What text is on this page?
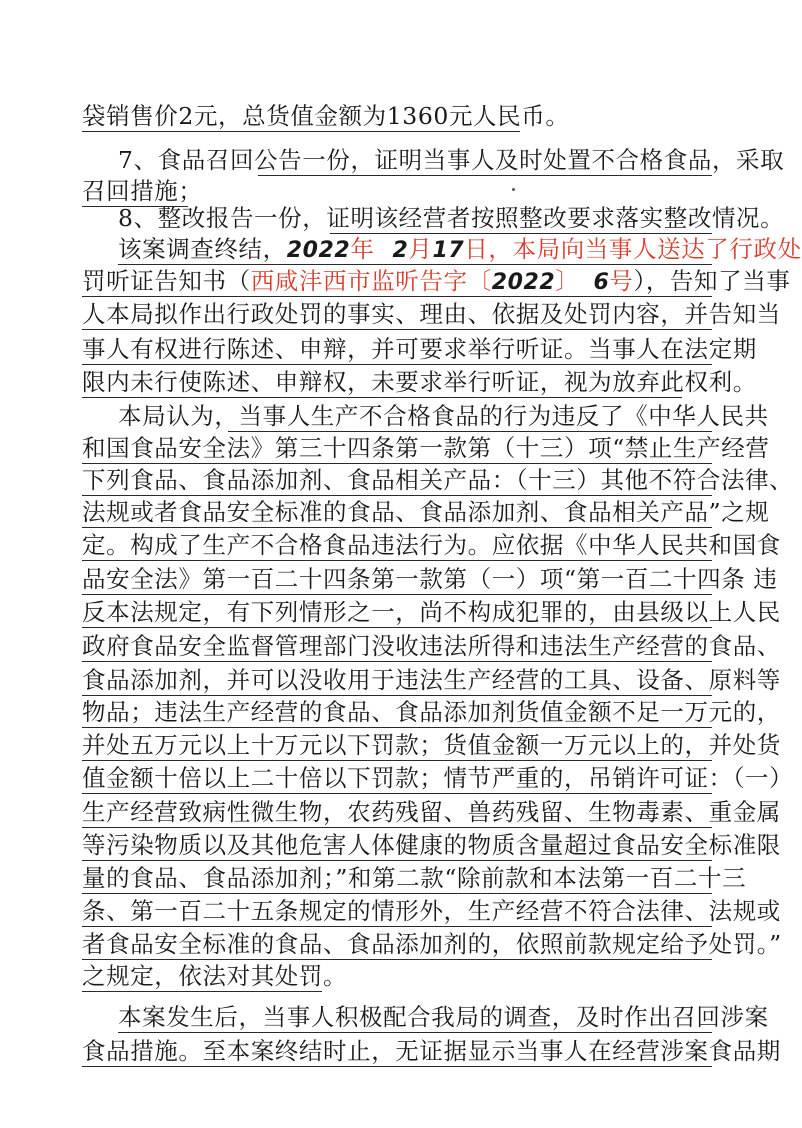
袋销售价2元，总货值金额为1360元人民币。
7、食品召回公告一份，证明当事人及时处置不合格食品，采取
召回措施；
8、整改报告一份，证明该经营者按照整改要求落实整改情况。
该案调查终结，2022年 2月17日，本局向当事人送达了行政处
罚听证告知书（西咸沣西市监听告字〔2022〕 6号），告知了当事
人本局拟作出行政处罚的事实、理由、依据及处罚内容，并告知当
事人有权进行陈述、申辩，并可要求举行听证。当事人在法定期
限内未行使陈述、申辩权，未要求举行听证，视为放弃此权利。
本局认为，当事人生产不合格食品的行为违反了《中华人民共
和国食品安全法》第三十四条第一款第（十三）项“禁止生产经营
下列食品、食品添加剂、食品相关产品：（十三）其他不符合法律、
法规或者食品安全标准的食品、食品添加剂、食品相关产品”之规
定。构成了生产不合格食品违法行为。应依据《中华人民共和国食
品安全法》第一百二十四条第一款第（一）项“第一百二十四条 违
反本法规定，有下列情形之一，尚不构成犯罪的，由县级以上人民
政府食品安全监督管理部门没收违法所得和违法生产经营的食品、
食品添加剂，并可以没收用于违法生产经营的工具、设备、原料等
物品；违法生产经营的食品、食品添加剂货值金额不足一万元的，
并处五万元以上十万元以下罚款；货值金额一万元以上的，并处货
值金额十倍以上二十倍以下罚款；情节严重的，吊销许可证：（一）
生产经营致病性微生物，农药残留、兽药残留、生物毒素、重金属
等污染物质以及其他危害人体健康的物质含量超过食品安全标准限
量的食品、食品添加剂；”和第二款“除前款和本法第一百二十三
条、第一百二十五条规定的情形外，生产经营不符合法律、法规或
者食品安全标准的食品、食品添加剂的，依照前款规定给予处罚。”
之规定，依法对其处罚。
本案发生后，当事人积极配合我局的调查，及时作出召回涉案
食品措施。至本案终结时止，无证据显示当事人在经营涉案食品期
